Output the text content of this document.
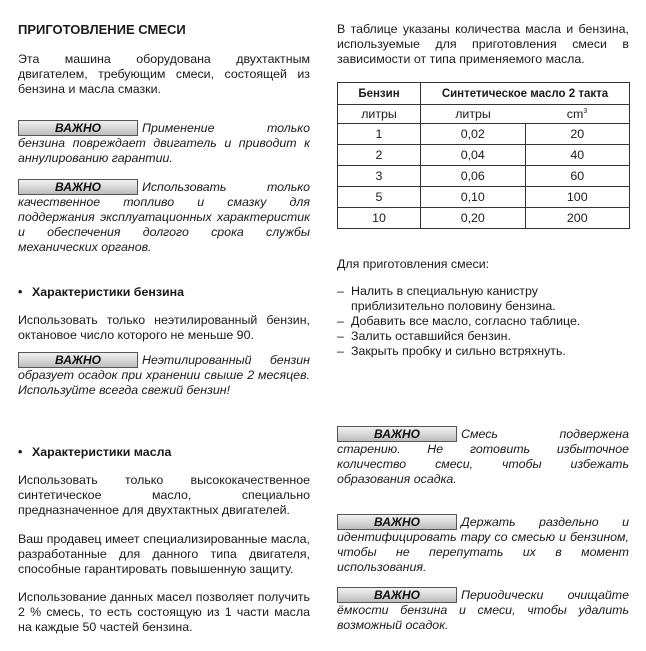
ПРИГОТОВЛЕНИЕ СМЕСИ
Эта машина оборудована двухтактным двигателем, требующим смеси, состоящей из бензина и масла смазки.
ВАЖНО	Применение только бензина повреждает двигатель и приводит к аннулированию гарантии.
ВАЖНО	Использовать только качественное топливо и смазку для поддержания эксплуатационных характеристик и обеспечения долгого срока службы механических органов.
• Характеристики бензина
Использовать только неэтилированный бензин, октановое число которого не меньше 90.
ВАЖНО	Неэтилированный бензин образует осадок при хранении свыше 2 месяцев. Используйте всегда свежий бензин!
• Характеристики масла
Использовать только высококачественное синтетическое масло, специально предназначенное для двухтактных двигателей.
Ваш продавец имеет специализированные масла, разработанные для данного типа двигателя, способные гарантировать повышенную защиту.
Использование данных масел позволяет получить 2 % смесь, то есть состоящую из 1 части масла на каждые 50 частей бензина.
В таблице указаны количества масла и бензина, используемые для приготовления смеси в зависимости от типа применяемого масла.
Бензин	Синтетическое масло 2 такта	
литры	литры	$cm^3$
1	0,02	20
2	0,04	40
3	0,06	60
5	0,10	100
10	0,20	200
Для приготовления смеси:
– Налить в специальную канистру приблизительно половину бензина.
– Добавить все масло, согласно таблице.
– Залить оставшийся бензин.
– Закрыть пробку и сильно встряхнуть.
ВАЖНО	Смесь подвержена старению. Не готовить избыточное количество смеси, чтобы избежать образования осадка.
ВАЖНО	Держать раздельно и идентифицировать тару со смесью и бензином, чтобы не перепутать их в момент использования.
ВАЖНО	Периодически очищайте ёмкости бензина и смеси, чтобы удалить возможный осадок.
